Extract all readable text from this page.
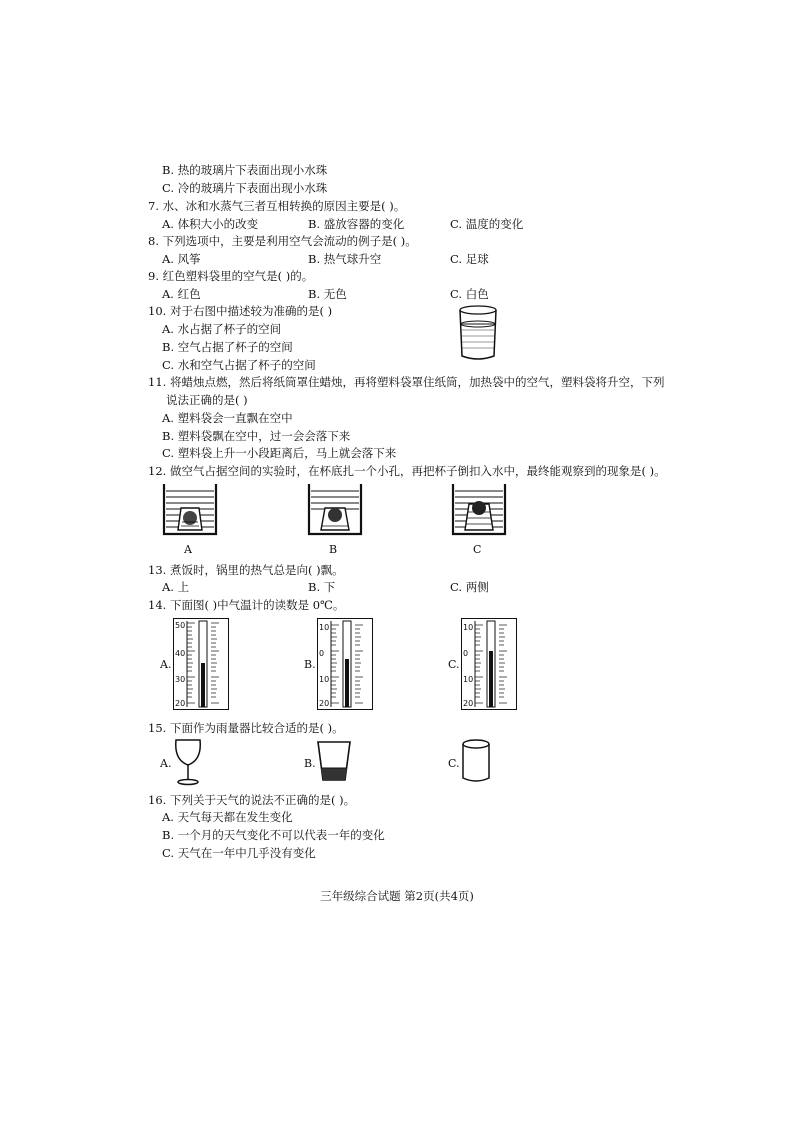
B. 热的玻璃片下表面出现小水珠
C. 冷的玻璃片下表面出现小水珠
7. 水、冰和水蒸气三者互相转换的原因主要是( )。
A. 体积大小的改变	B. 盛放容器的变化	C. 温度的变化
8. 下列选项中，主要是利用空气会流动的例子是( )。
A. 风筝	B. 热气球升空	C. 足球
9. 红色塑料袋里的空气是( )的。
A. 红色	B. 无色	C. 白色
10. 对于右图中描述较为准确的是( )
A. 水占据了杯子的空间
B. 空气占据了杯子的空间
C. 水和空气占据了杯子的空间
11. 将蜡烛点燃，然后将纸筒罩住蜡烛，再将塑料袋罩住纸筒，加热袋中的空气，塑料袋将升空，下列
说法正确的是( )
A. 塑料袋会一直飘在空中
B. 塑料袋飘在空中，过一会会落下来
C. 塑料袋上升一小段距离后，马上就会落下来
12. 做空气占据空间的实验时，在杯底扎一个小孔，再把杯子倒扣入水中，最终能观察到的现象是( )。
A	B	C
13. 煮饭时，锅里的热气总是向( )飘。
A. 上	B. 下	C. 两侧
14. 下面图( )中气温计的读数是 0℃。
A.	B.	C.
50
40
30
20
10
0
10
20
10
0
10
20
15. 下面作为雨量器比较合适的是( )。
A.	B.	C.
16. 下列关于天气的说法不正确的是( )。
A. 天气每天都在发生变化
B. 一个月的天气变化不可以代表一年的变化
C. 天气在一年中几乎没有变化
三年级综合试题 第2页(共4页)
